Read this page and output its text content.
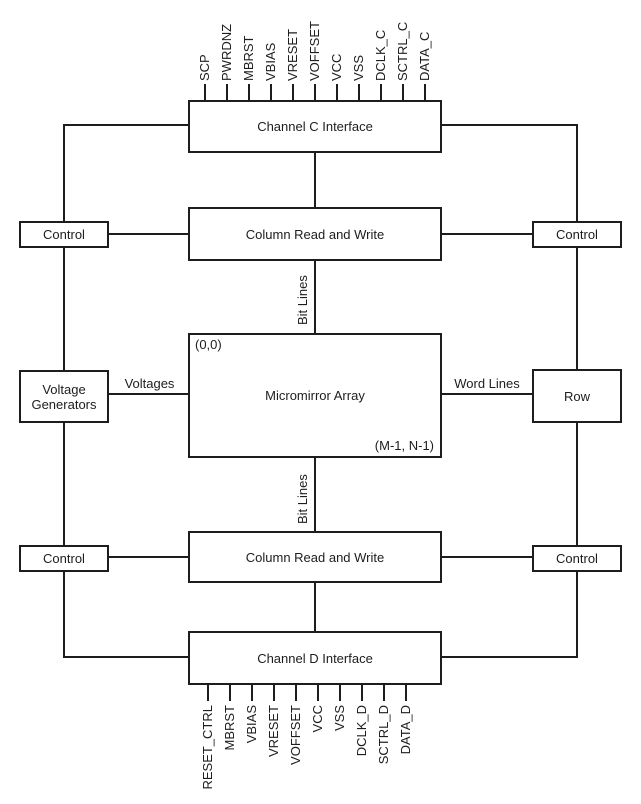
SCP PWRDNZ MBRST VBIAS VRESET VOFFSET VCC VSS DCLK_C SCTRL_C DATA_C
RESET_CTRL MBRST VBIAS VRESET VOFFSET VCC VSS DCLK_D SCTRL_D DATA_D
Channel C Interface
Column Read and Write
Micromirror Array
(0,0)
(M-1, N-1)
Column Read and Write
Channel D Interface
Control
Voltage Generators
Control
Control
Row
Control
Voltages	Word Lines
Bit Lines
Bit Lines
